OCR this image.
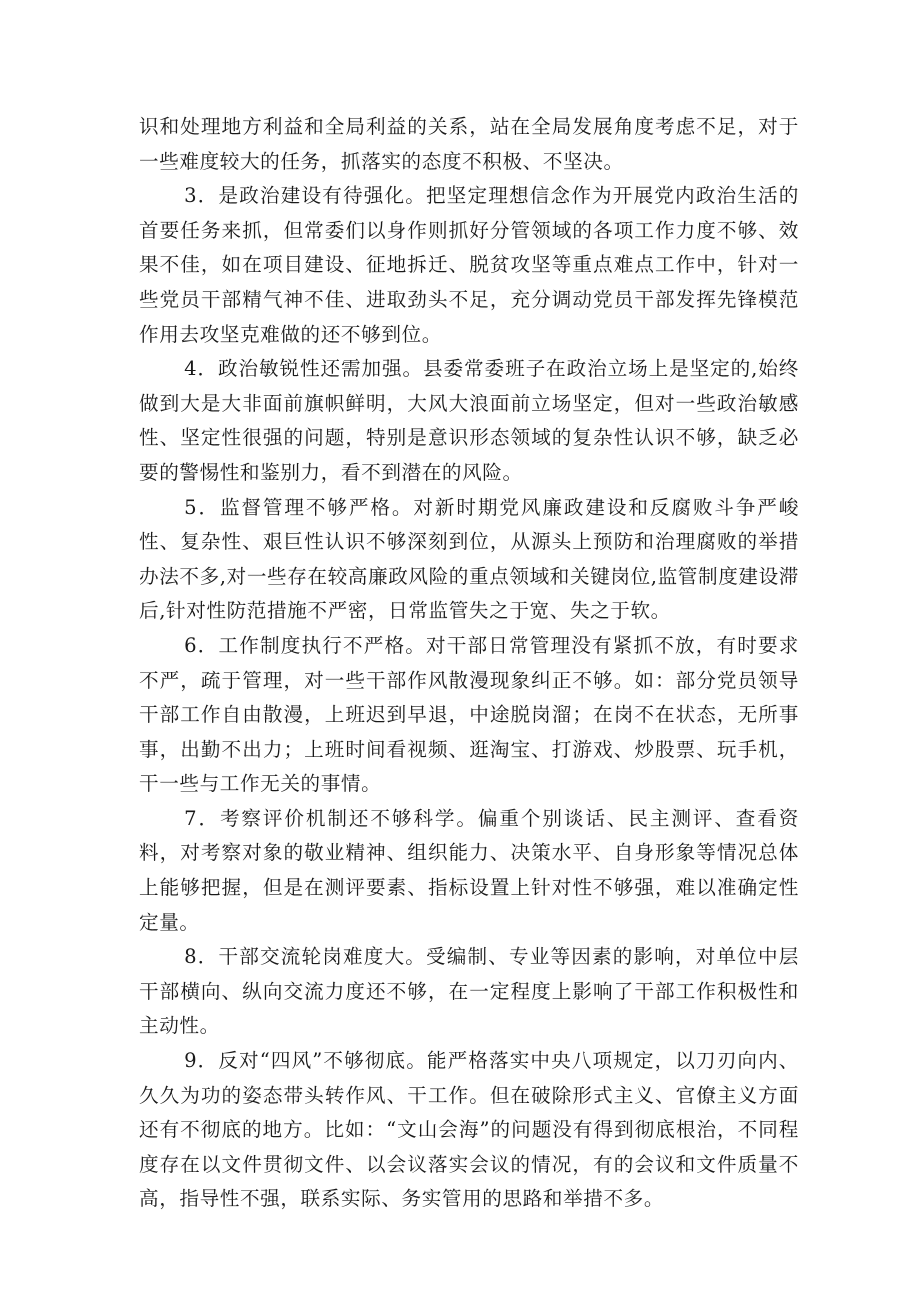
识和处理地方利益和全局利益的关系，站在全局发展角度考虑不足，对于一些难度较大的任务，抓落实的态度不积极、不坚决。

3．是政治建设有待强化。把坚定理想信念作为开展党内政治生活的首要任务来抓，但常委们以身作则抓好分管领域的各项工作力度不够、效果不佳，如在项目建设、征地拆迁、脱贫攻坚等重点难点工作中，针对一些党员干部精气神不佳、进取劲头不足，充分调动党员干部发挥先锋模范作用去攻坚克难做的还不够到位。

4．政治敏锐性还需加强。县委常委班子在政治立场上是坚定的,始终做到大是大非面前旗帜鲜明，大风大浪面前立场坚定，但对一些政治敏感性、坚定性很强的问题，特别是意识形态领域的复杂性认识不够，缺乏必要的警惕性和鉴别力，看不到潜在的风险。

5．监督管理不够严格。对新时期党风廉政建设和反腐败斗争严峻性、复杂性、艰巨性认识不够深刻到位，从源头上预防和治理腐败的举措办法不多,对一些存在较高廉政风险的重点领域和关键岗位,监管制度建设滞后,针对性防范措施不严密，日常监管失之于宽、失之于软。

6．工作制度执行不严格。对干部日常管理没有紧抓不放，有时要求不严，疏于管理，对一些干部作风散漫现象纠正不够。如：部分党员领导干部工作自由散漫，上班迟到早退，中途脱岗溜；在岗不在状态，无所事事，出勤不出力；上班时间看视频、逛淘宝、打游戏、炒股票、玩手机，干一些与工作无关的事情。

7．考察评价机制还不够科学。偏重个别谈话、民主测评、查看资料，对考察对象的敬业精神、组织能力、决策水平、自身形象等情况总体上能够把握，但是在测评要素、指标设置上针对性不够强，难以准确定性定量。

8．干部交流轮岗难度大。受编制、专业等因素的影响，对单位中层干部横向、纵向交流力度还不够，在一定程度上影响了干部工作积极性和主动性。

9．反对“四风”不够彻底。能严格落实中央八项规定，以刀刃向内、久久为功的姿态带头转作风、干工作。但在破除形式主义、官僚主义方面还有不彻底的地方。比如：“文山会海”的问题没有得到彻底根治，不同程度存在以文件贯彻文件、以会议落实会议的情况，有的会议和文件质量不高，指导性不强，联系实际、务实管用的思路和举措不多。
